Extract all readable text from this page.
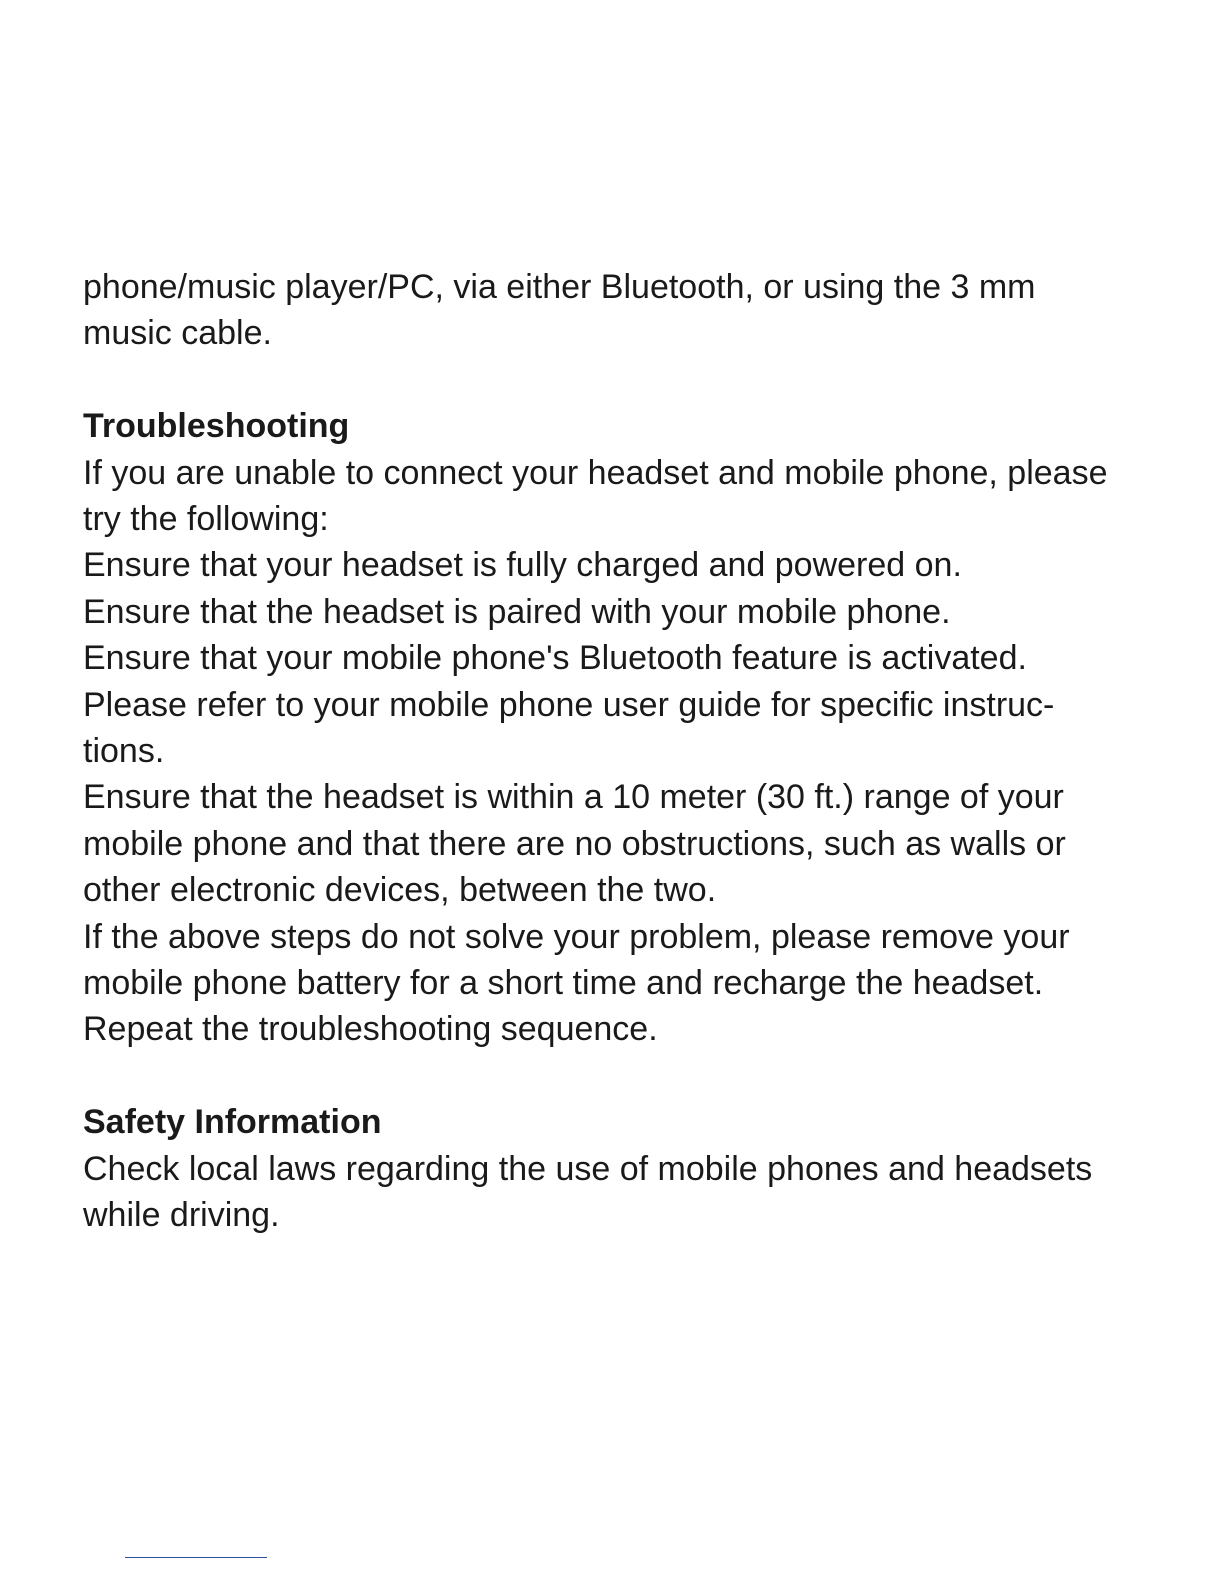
phone/music player/PC, via either Bluetooth, or using the 3 mm

music cable.

Troubleshooting

If you are unable to connect your headset and mobile phone, please

try the following:

Ensure that your headset is fully charged and powered on.

Ensure that the headset is paired with your mobile phone.

Ensure that your mobile phone's Bluetooth feature is activated.

Please refer to your mobile phone user guide for specific instruc-

tions.

Ensure that the headset is within a 10 meter (30 ft.) range of your

mobile phone and that there are no obstructions, such as walls or

other electronic devices, between the two.

If the above steps do not solve your problem, please remove your

mobile phone battery for a short time and recharge the headset.

Repeat the troubleshooting sequence.

Safety Information

Check local laws regarding the use of mobile phones and headsets

while driving.
